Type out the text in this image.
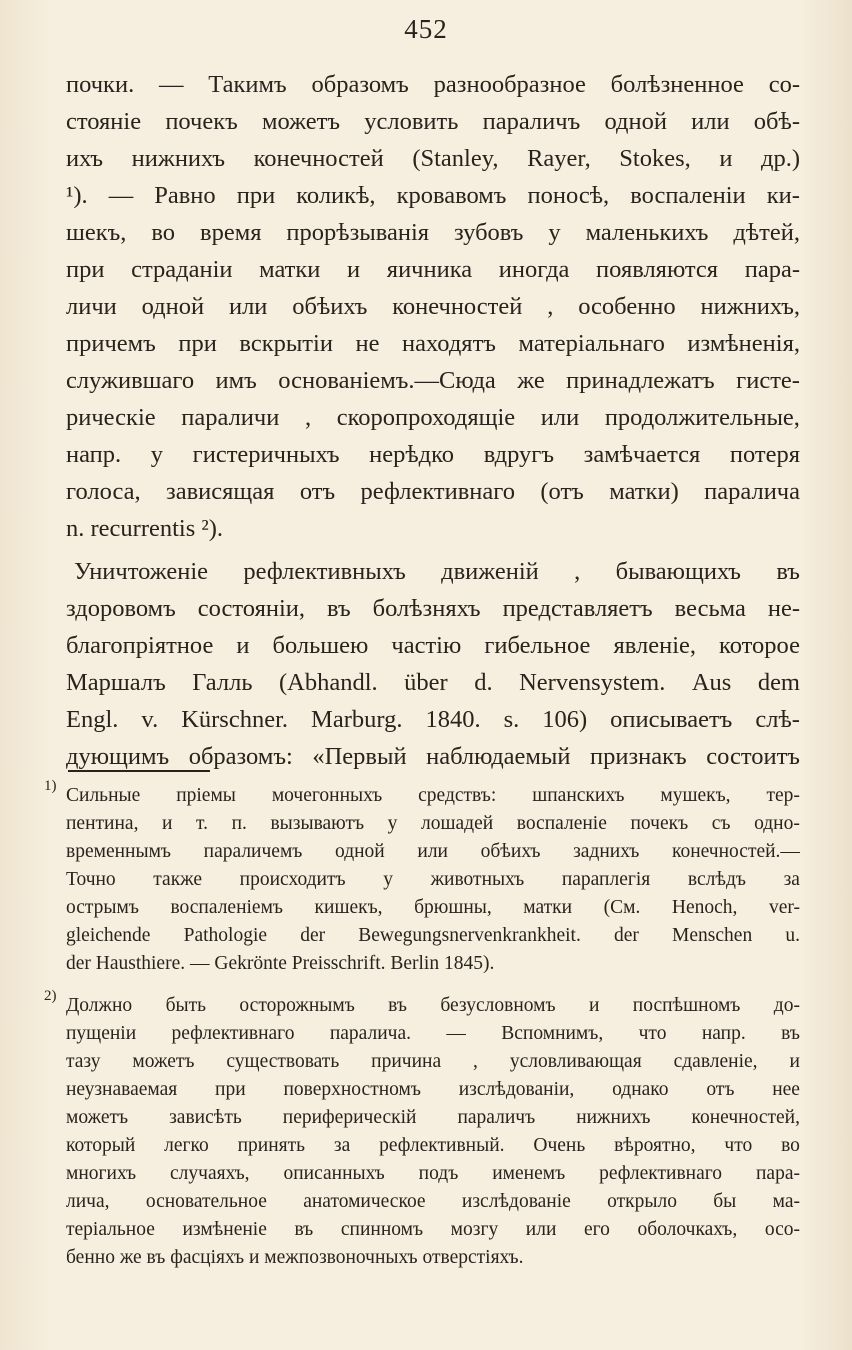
452
почки. — Такимъ образомъ разнообразное болѣзненное со-
стояніе почекъ можетъ условить параличъ одной или обѣ-
ихъ нижнихъ конечностей (Stanley, Rayer, Stokes, и др.)
¹). — Равно при коликѣ, кровавомъ поносѣ, воспаленіи ки-
шекъ, во время прорѣзыванія зубовъ у маленькихъ дѣтей,
при страданіи матки и яичника иногда появляются пара-
личи одной или обѣихъ конечностей , особенно нижнихъ,
причемъ при вскрытіи не находятъ матеріальнаго измѣненія,
служившаго имъ основаніемъ.—Сюда же принадлежатъ гисте-
рическіе параличи , скоропроходящіе или продолжительные,
напр. у гистеричныхъ нерѣдко вдругъ замѣчается потеря
голоса, зависящая отъ рефлективнаго (отъ матки) паралича
n. recurrentis ²).
Уничтоженіе рефлективныхъ движеній , бывающихъ въ
здоровомъ состояніи, въ болѣзняхъ представляетъ весьма не-
благопріятное и большею частію гибельное явленіе, которое
Маршалъ Галль (Abhandl. über d. Nervensystem. Aus dem
Engl. v. Kürschner. Marburg. 1840. s. 106) описываетъ слѣ-
дующимъ образомъ: «Первый наблюдаемый признакъ состоитъ
1) Сильные пріемы мочегонныхъ средствъ: шпанскихъ мушекъ, тер-
пентина, и т. п. вызываютъ у лошадей воспаленіе почекъ съ одно-
временнымъ параличемъ одной или обѣихъ заднихъ конечностей.—
Точно также происходитъ у животныхъ параплегія вслѣдъ за
острымъ воспаленіемъ кишекъ, брюшны, матки (См. Henoch, ver-
gleichende Pathologie der Bewegungsnervenkrankheit. der Menschen u.
der Hausthiere. — Gekrönte Preisschrift. Berlin 1845).
2) Должно быть осторожнымъ въ безусловномъ и поспѣшномъ до-
пущеніи рефлективнаго паралича. — Вспомнимъ, что напр. въ
тазу можетъ существовать причина , условливающая сдавленіе, и
неузнаваемая при поверхностномъ изслѣдованіи, однако отъ нее
можетъ зависѣть периферическій параличъ нижнихъ конечностей,
который легко принять за рефлективный. Очень вѣроятно, что во
многихъ случаяхъ, описанныхъ подъ именемъ рефлективнаго пара-
лича, основательное анатомическое изслѣдованіе открыло бы ма-
теріальное измѣненіе въ спинномъ мозгу или его оболочкахъ, осо-
бенно же въ фасціяхъ и межпозвоночныхъ отверстіяхъ.
